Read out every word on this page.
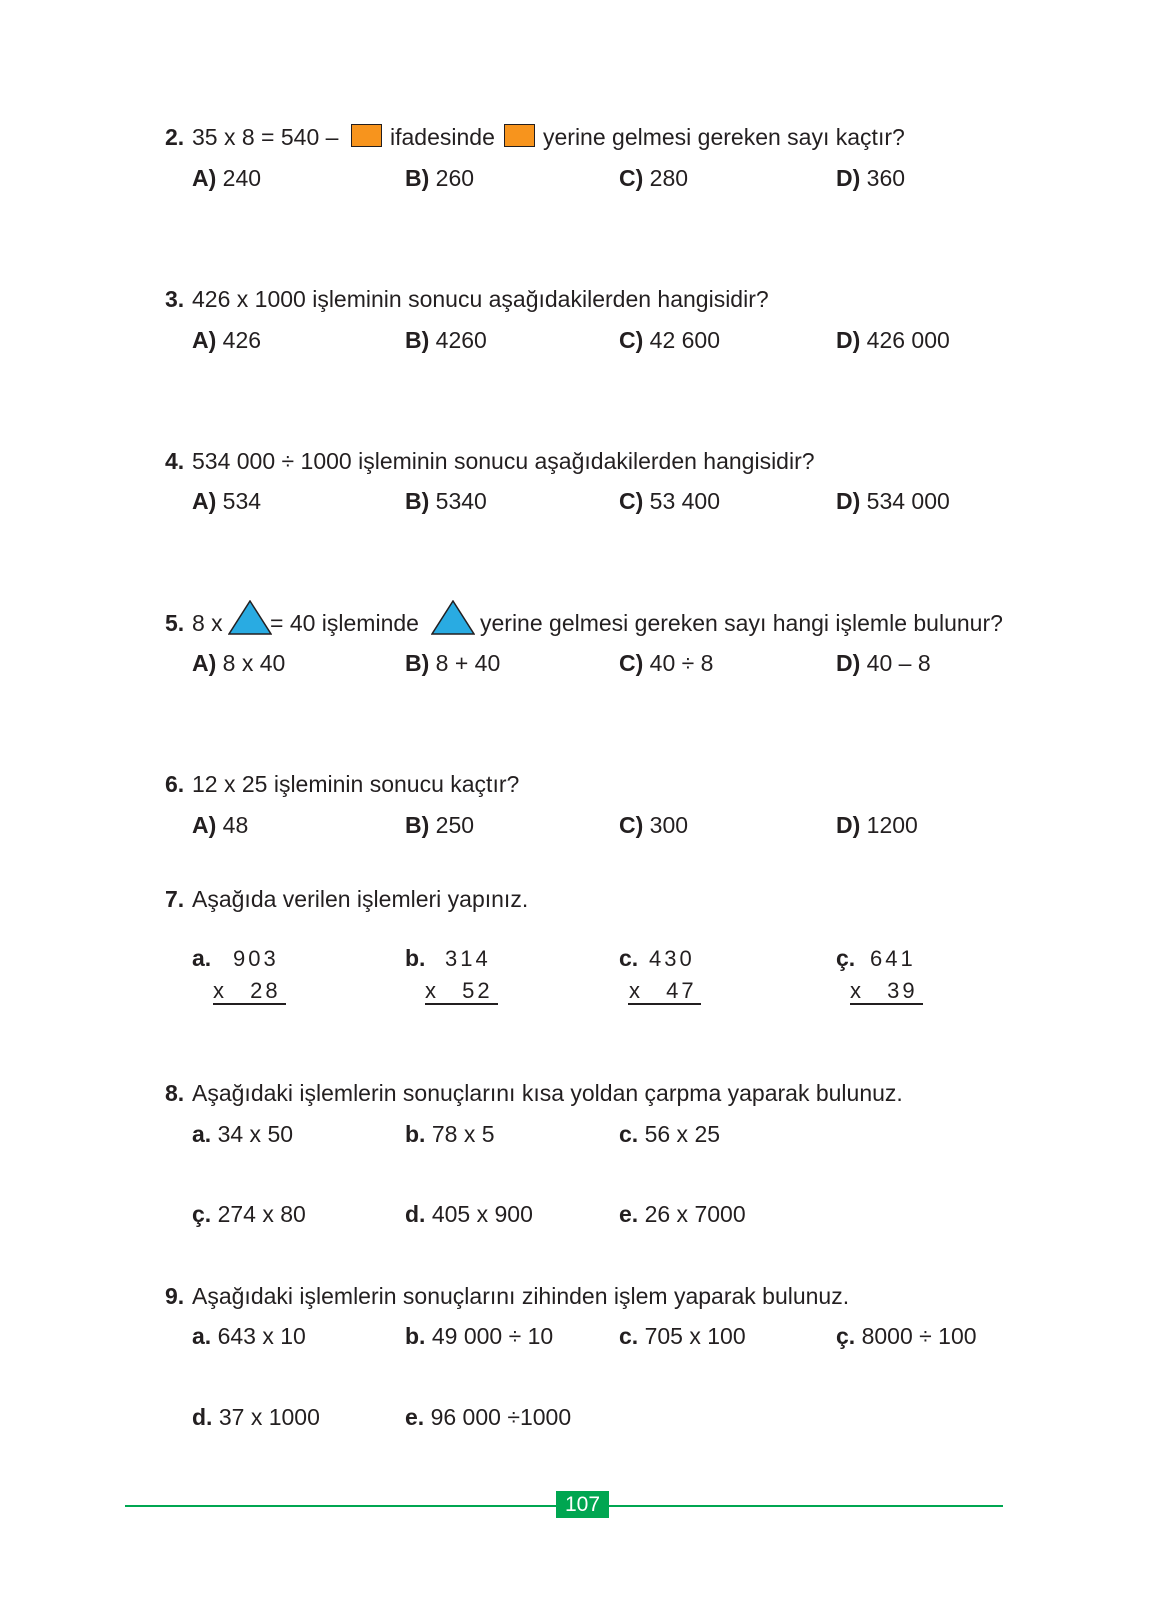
2. 35 x 8 = 540 – ifadesinde yerine gelmesi gereken sayı kaçtır?
A) 240	B) 260	C) 280	D) 360
3. 426 x 1000 işleminin sonucu aşağıdakilerden hangisidir?
A) 426	B) 4260	C) 42 600	D) 426 000
4. 534 000 ÷ 1000 işleminin sonucu aşağıdakilerden hangisidir?
A) 534	B) 5340	C) 53 400	D) 534 000
5. 8 x = 40 işleminde	yerine gelmesi gereken sayı hangi işlemle bulunur?
A) 8 x 40	B) 8 + 40	C) 40 ÷ 8	D) 40 – 8
6. 12 x 25 işleminin sonucu kaçtır?
A) 48	B) 250	C) 300	D) 1200
7. Aşağıda verilen işlemleri yapınız.
a. 903
x 28
b. 314
x 52
c. 430
x 47
ç. 641
x 39
8. Aşağıdaki işlemlerin sonuçlarını kısa yoldan çarpma yaparak bulunuz.
a. 34 x 50	b. 78 x 5	c. 56 x 25
ç. 274 x 80	d. 405 x 900	e. 26 x 7000
9. Aşağıdaki işlemlerin sonuçlarını zihinden işlem yaparak bulunuz.
a. 643 x 10	b. 49 000 ÷ 10	c. 705 x 100	ç. 8000 ÷ 100
d. 37 x 1000	e. 96 000 ÷1000
107
